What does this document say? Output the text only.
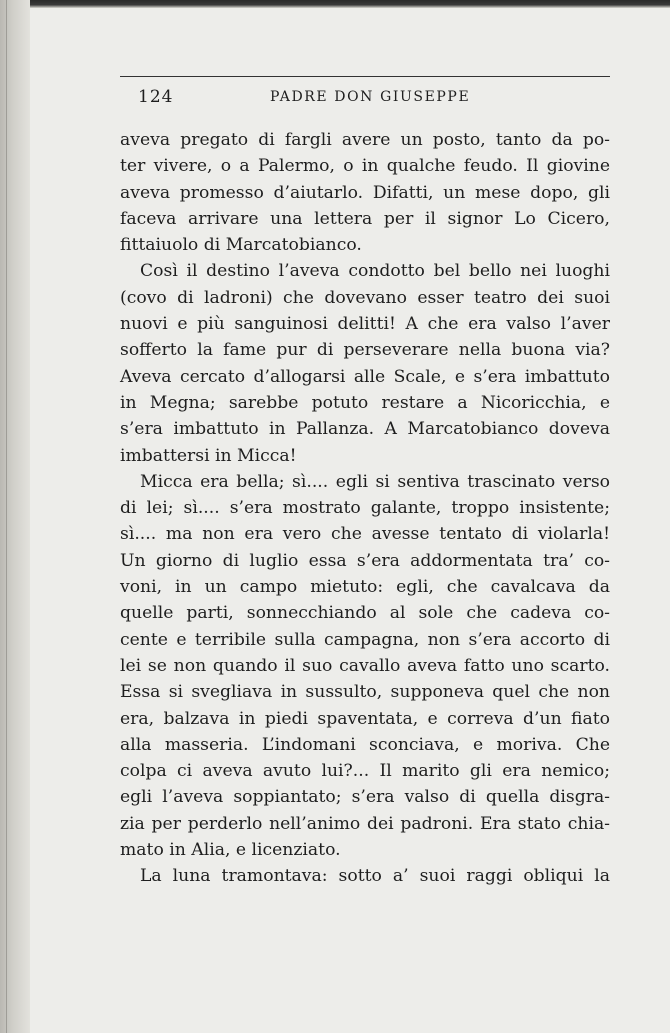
124	PADRE DON GIUSEPPE
aveva pregato di fargli avere un posto, tanto da po-
ter vivere, o a Palermo, o in qualche feudo. Il giovine
aveva promesso d’aiutarlo. Difatti, un mese dopo, gli
faceva arrivare una lettera per il signor Lo Cicero,
fittaiuolo di Marcatobianco.
Così il destino l’aveva condotto bel bello nei luoghi
(covo di ladroni) che dovevano esser teatro dei suoi
nuovi e più sanguinosi delitti! A che era valso l’aver
sofferto la fame pur di perseverare nella buona via?
Aveva cercato d’allogarsi alle Scale, e s’era imbattuto
in Megna; sarebbe potuto restare a Nicoricchia, e
s’era imbattuto in Pallanza. A Marcatobianco doveva
imbattersi in Micca!
Micca era bella; sì.... egli si sentiva trascinato verso
di lei; sì.... s’era mostrato galante, troppo insistente;
sì.... ma non era vero che avesse tentato di violarla!
Un giorno di luglio essa s’era addormentata tra’ co-
voni, in un campo mietuto: egli, che cavalcava da
quelle parti, sonnecchiando al sole che cadeva co-
cente e terribile sulla campagna, non s’era accorto di
lei se non quando il suo cavallo aveva fatto uno scarto.
Essa si svegliava in sussulto, supponeva quel che non
era, balzava in piedi spaventata, e correva d’un fiato
alla masseria. L’indomani sconciava, e moriva. Che
colpa ci aveva avuto lui?... Il marito gli era nemico;
egli l’aveva soppiantato; s’era valso di quella disgra-
zia per perderlo nell’animo dei padroni. Era stato chia-
mato in Alia, e licenziato.
La luna tramontava: sotto a’ suoi raggi obliqui la
